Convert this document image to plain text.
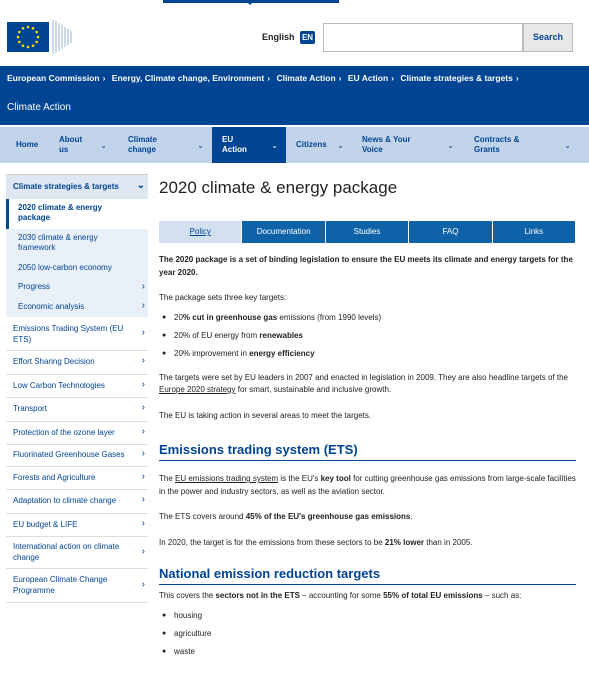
English EN	Search
European Commission › Energy, Climate change, Environment › Climate Action › EU Action › Climate strategies & targets ›
Climate Action
Home
About us	⌄
Climate change	⌄
EU Action	⌄ Citizens ⌄
News & Your Voice	⌄
Contracts & Grants	⌄
Climate strategies & targets ⌄
2020 climate & energy package
2030 climate & energy framework
2050 low-carbon economy
Progress	›
Economic analysis	›
Emissions Trading System (EU ETS)
›
Effort Sharing Decision	›
Low Carbon Technologies	›
Transport	›
Protection of the ozone layer	›
Fluorinated Greenhouse Gases ›
Forests and Agriculture	›
Adaptation to climate change	›
EU budget & LIFE	›
International action on climate change
›
European Climate Change Programme
›
2020 climate & energy package
Policy	Documentation	Studies	FAQ	Links

The 2020 package is a set of binding legislation to ensure the EU meets its climate and energy targets for the year 2020.

The package sets three key targets:

● 20% cut in greenhouse gas emissions (from 1990 levels)
● 20% of EU energy from renewables
● 20% improvement in energy efficiency

The targets were set by EU leaders in 2007 and enacted in legislation in 2009. They are also headline targets of the Europe 2020 strategy for smart, sustainable and inclusive growth.

The EU is taking action in several areas to meet the targets.

Emissions trading system (ETS)

The EU emissions trading system is the EU's key tool for cutting greenhouse gas emissions from large-scale facilities in the power and industry sectors, as well as the aviation sector.

The ETS covers around 45% of the EU's greenhouse gas emissions.

In 2020, the target is for the emissions from these sectors to be 21% lower than in 2005.

National emission reduction targets

This covers the sectors not in the ETS – accounting for some 55% of total EU emissions – such as:

● housing
● agriculture
● waste
